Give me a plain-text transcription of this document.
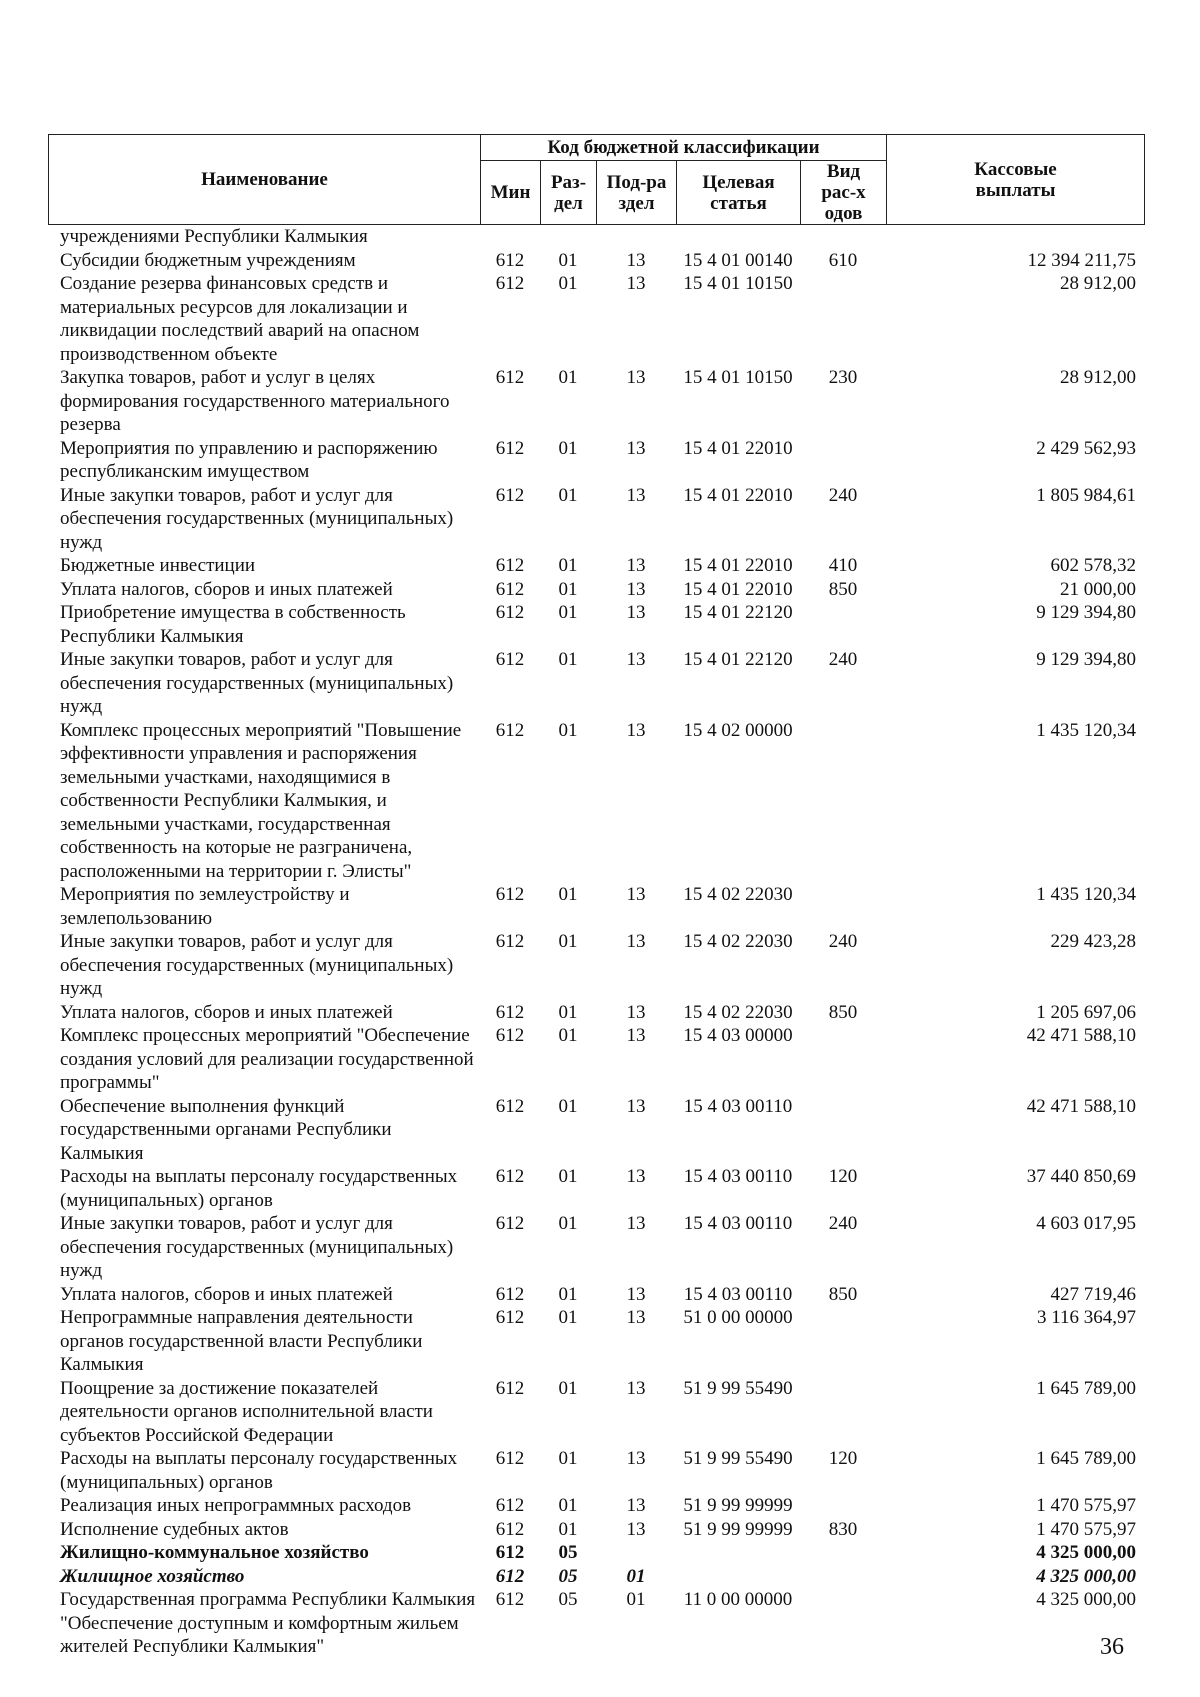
Наименование	Код бюджетной классификации					Кассовые выплаты
	Мин	Раз-дел	Под-раздел	Целевая статья	Вид рас-ходов	
учреждениями Республики Калмыкия						
Субсидии бюджетным учреждениям	612	01	13	15 4 01 00140	610	12 394 211,75
Создание резерва финансовых средств и материальных ресурсов для локализации и ликвидации последствий аварий на опасном производственном объекте	612	01	13	15 4 01 10150		28 912,00
Закупка товаров, работ и услуг в целях формирования государственного материального резерва	612	01	13	15 4 01 10150	230	28 912,00
Мероприятия по управлению и распоряжению республиканским имуществом	612	01	13	15 4 01 22010		2 429 562,93
Иные закупки товаров, работ и услуг для обеспечения государственных (муниципальных) нужд	612	01	13	15 4 01 22010	240	1 805 984,61
Бюджетные инвестиции	612	01	13	15 4 01 22010	410	602 578,32
Уплата налогов, сборов и иных платежей	612	01	13	15 4 01 22010	850	21 000,00
Приобретение имущества в собственность Республики Калмыкия	612	01	13	15 4 01 22120		9 129 394,80
Иные закупки товаров, работ и услуг для обеспечения государственных (муниципальных) нужд	612	01	13	15 4 01 22120	240	9 129 394,80
Комплекс процессных мероприятий "Повышение эффективности управления и распоряжения земельными участками, находящимися в собственности Республики Калмыкия, и земельными участками, государственная собственность на которые не разграничена, расположенными на территории г. Элисты"	612	01	13	15 4 02 00000		1 435 120,34
Мероприятия по землеустройству и землепользованию	612	01	13	15 4 02 22030		1 435 120,34
Иные закупки товаров, работ и услуг для обеспечения государственных (муниципальных) нужд	612	01	13	15 4 02 22030	240	229 423,28
Уплата налогов, сборов и иных платежей	612	01	13	15 4 02 22030	850	1 205 697,06
Комплекс процессных мероприятий "Обеспечение создания условий для реализации государственной программы"	612	01	13	15 4 03 00000		42 471 588,10
Обеспечение выполнения функций государственными органами Республики Калмыкия	612	01	13	15 4 03 00110		42 471 588,10
Расходы на выплаты персоналу государственных (муниципальных) органов	612	01	13	15 4 03 00110	120	37 440 850,69
Иные закупки товаров, работ и услуг для обеспечения государственных (муниципальных) нужд	612	01	13	15 4 03 00110	240	4 603 017,95
Уплата налогов, сборов и иных платежей	612	01	13	15 4 03 00110	850	427 719,46
Непрограммные направления деятельности органов государственной власти Республики Калмыкия	612	01	13	51 0 00 00000		3 116 364,97
Поощрение за достижение показателей деятельности органов исполнительной власти субъектов Российской Федерации	612	01	13	51 9 99 55490		1 645 789,00
Расходы на выплаты персоналу государственных (муниципальных) органов	612	01	13	51 9 99 55490	120	1 645 789,00
Реализация иных непрограммных расходов	612	01	13	51 9 99 99999		1 470 575,97
Исполнение судебных актов	612	01	13	51 9 99 99999	830	1 470 575,97
Жилищно-коммунальное хозяйство	612	05				4 325 000,00
Жилищное хозяйство	612	05	01			4 325 000,00
Государственная программа Республики Калмыкия "Обеспечение доступным и комфортным жильем жителей Республики Калмыкия"	612	05	01	11 0 00 00000		4 325 000,00
36
